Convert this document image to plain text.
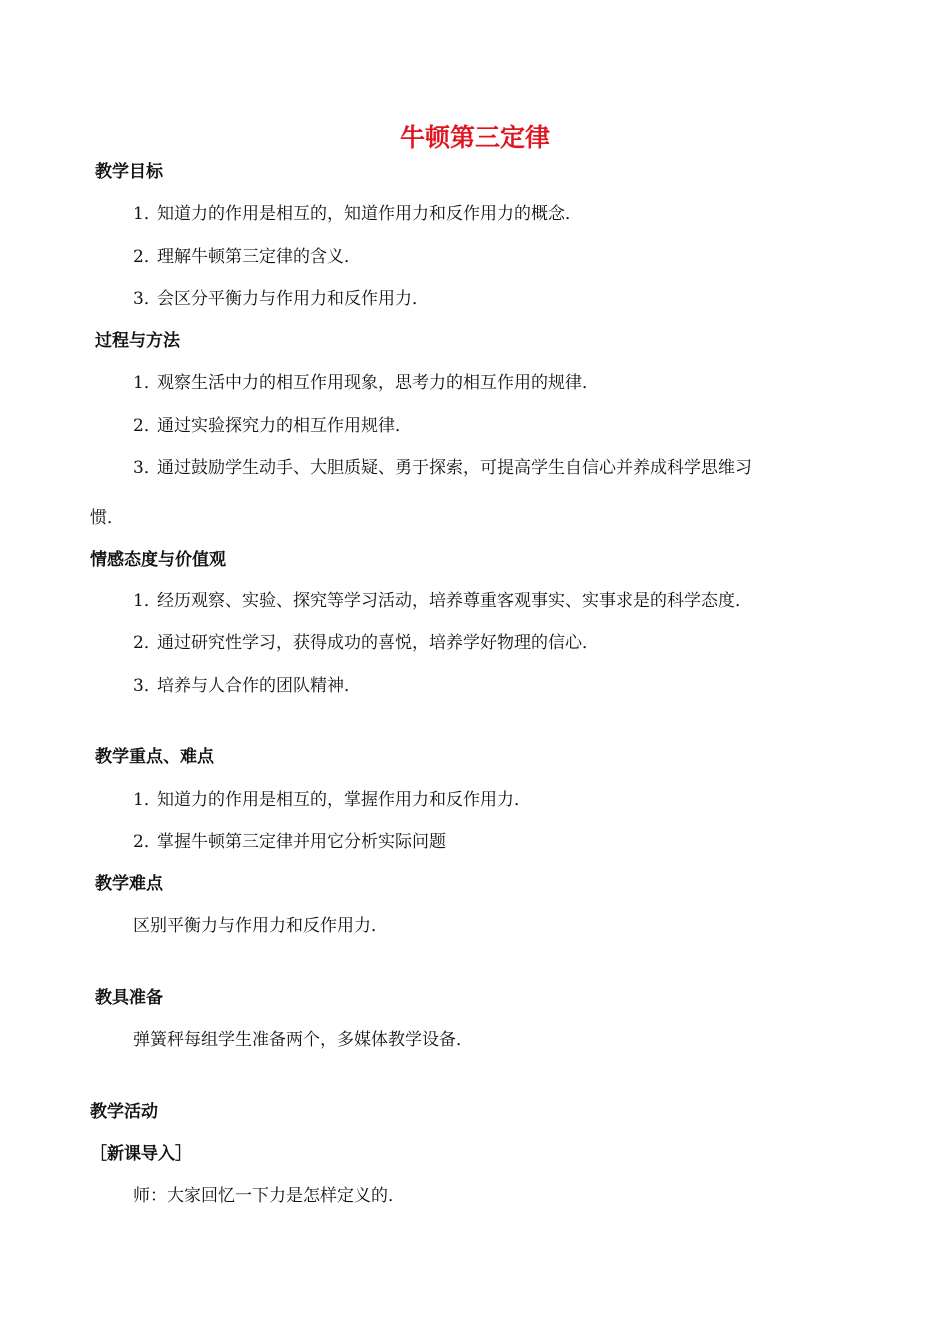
牛顿第三定律
教学目标
1．知道力的作用是相互的，知道作用力和反作用力的概念．
2．理解牛顿第三定律的含义．
3．会区分平衡力与作用力和反作用力．
过程与方法
1．观察生活中力的相互作用现象，思考力的相互作用的规律．
2．通过实验探究力的相互作用规律．
3．通过鼓励学生动手、大胆质疑、勇于探索，可提高学生自信心并养成科学思维习
惯．
情感态度与价值观
1．经历观察、实验、探究等学习活动，培养尊重客观事实、实事求是的科学态度．
2．通过研究性学习，获得成功的喜悦，培养学好物理的信心．
3．培养与人合作的团队精神．
教学重点、难点
1．知道力的作用是相互的，掌握作用力和反作用力．
2．掌握牛顿第三定律并用它分析实际问题
教学难点
区别平衡力与作用力和反作用力．
教具准备
弹簧秤每组学生准备两个，多媒体教学设备．
教学活动
［新课导入］
师：大家回忆一下力是怎样定义的．
